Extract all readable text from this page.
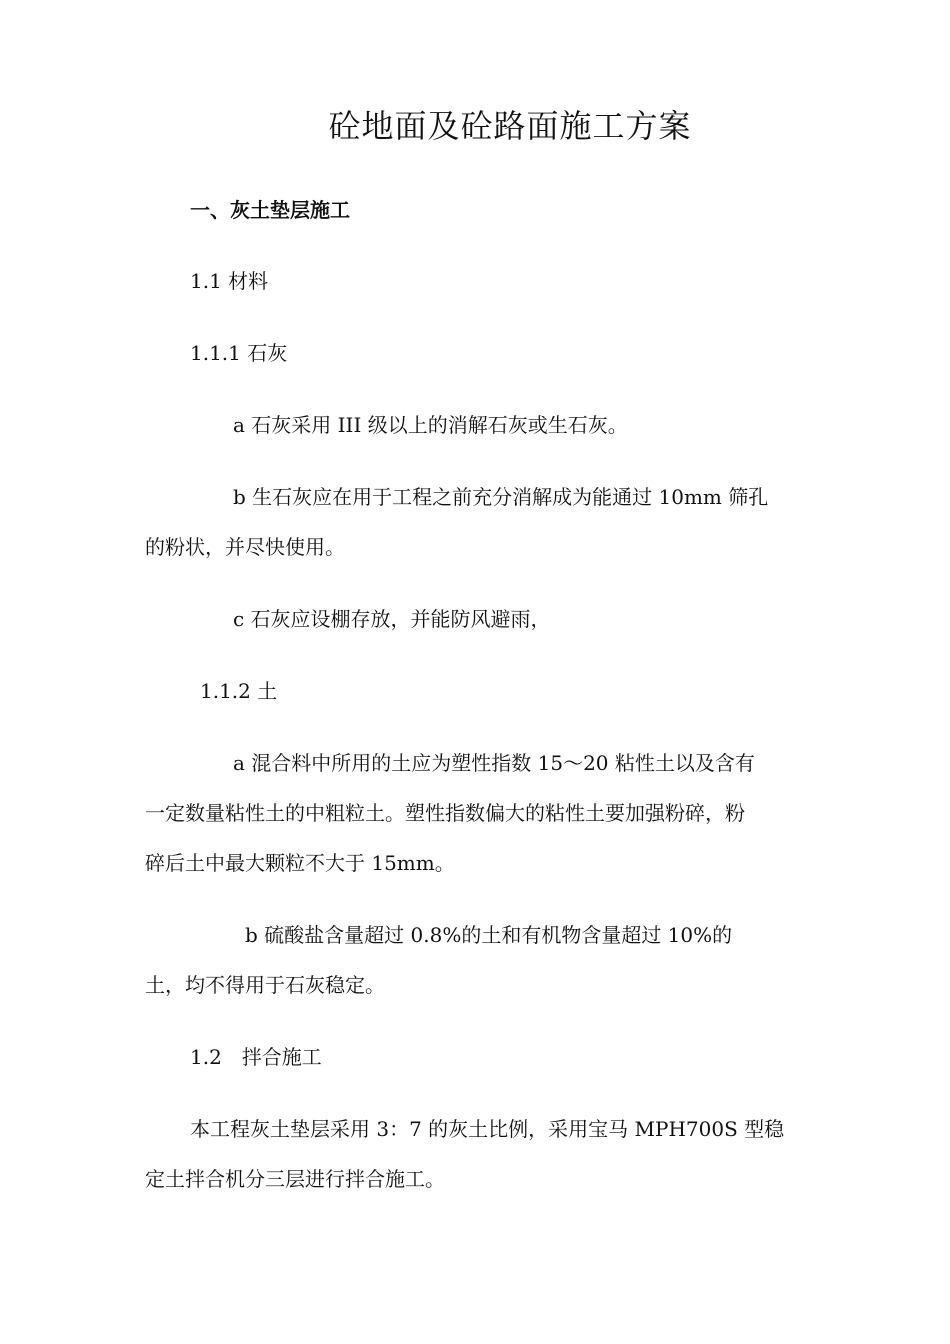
砼地面及砼路面施工方案
一、灰土垫层施工
1.1 材料
1.1.1 石灰
a 石灰采用 III 级以上的消解石灰或生石灰。
b 生石灰应在用于工程之前充分消解成为能通过 10mm 筛孔
的粉状，并尽快使用。
c 石灰应设棚存放，并能防风避雨，
1.1.2 土
a 混合料中所用的土应为塑性指数 15～20 粘性土以及含有
一定数量粘性土的中粗粒土。塑性指数偏大的粘性土要加强粉碎，粉
碎后土中最大颗粒不大于 15mm。
b 硫酸盐含量超过 0.8%的土和有机物含量超过 10%的
土，均不得用于石灰稳定。
1.2　拌合施工
本工程灰土垫层采用 3：7 的灰土比例，采用宝马 MPH700S 型稳
定土拌合机分三层进行拌合施工。
